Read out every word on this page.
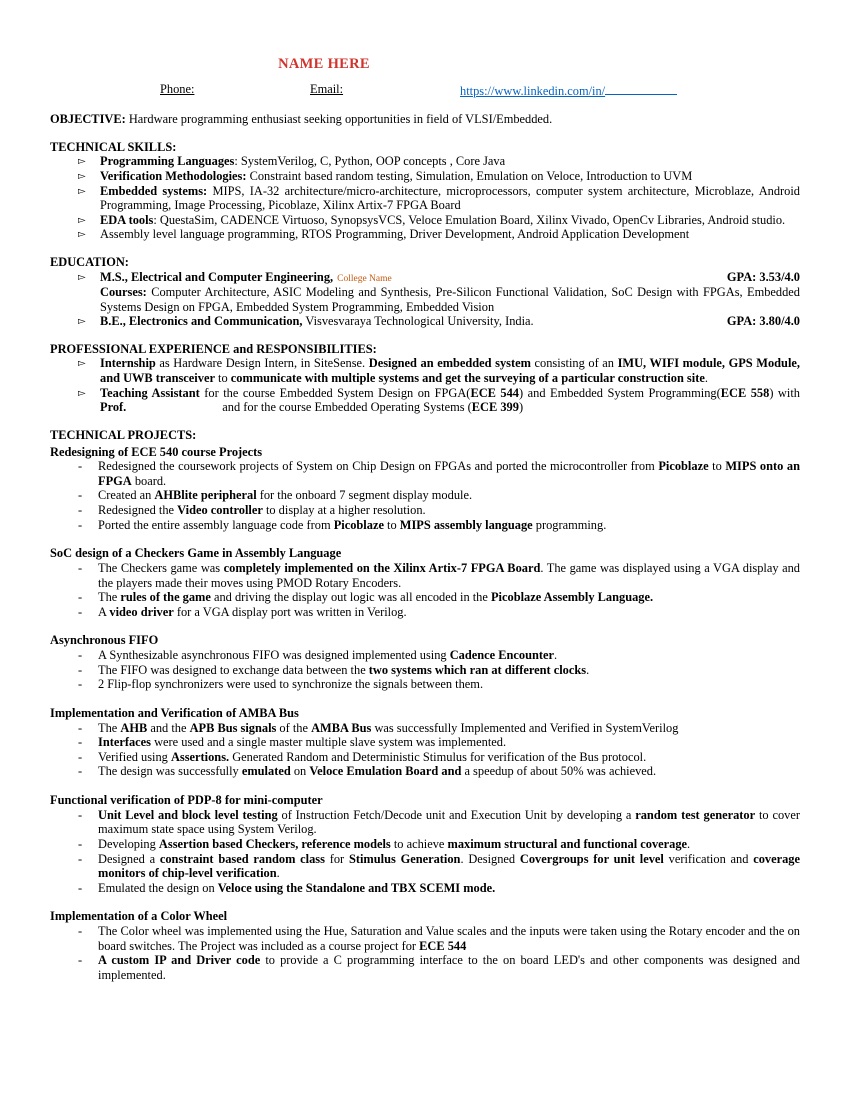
NAME HERE
Phone:	Email:	https://www.linkedin.com/in/
OBJECTIVE: Hardware programming enthusiast seeking opportunities in field of VLSI/Embedded.
TECHNICAL SKILLS:
▻	Programming Languages: SystemVerilog, C, Python, OOP concepts , Core Java
▻	Verification Methodologies: Constraint based random testing, Simulation, Emulation on Veloce, Introduction to UVM
▻	Embedded systems: MIPS, IA-32 architecture/micro-architecture, microprocessors, computer system architecture, Microblaze, Android Programming, Image Processing, Picoblaze, Xilinx Artix-7 FPGA Board
▻	EDA tools: QuestaSim, CADENCE Virtuoso, SynopsysVCS, Veloce Emulation Board, Xilinx Vivado, OpenCv Libraries, Android studio.
▻	Assembly level language programming, RTOS Programming, Driver Development, Android Application Development
EDUCATION:
▻	M.S., Electrical and Computer Engineering, College Name	GPA: 3.53/4.0
Courses: Computer Architecture, ASIC Modeling and Synthesis, Pre-Silicon Functional Validation, SoC Design with FPGAs, Embedded Systems Design on FPGA, Embedded System Programming, Embedded Vision
▻	B.E., Electronics and Communication, Visvesvaraya Technological University, India.	GPA: 3.80/4.0
PROFESSIONAL EXPERIENCE and RESPONSIBILITIES:
▻	Internship as Hardware Design Intern, in SiteSense. Designed an embedded system consisting of an IMU, WIFI module, GPS Module, and UWB transceiver to communicate with multiple systems and get the surveying of a particular construction site.
▻	Teaching Assistant for the course Embedded System Design on FPGA(ECE 544) and Embedded System Programming(ECE 558) with Prof.                               and for the course Embedded Operating Systems (ECE 399)
TECHNICAL PROJECTS:
Redesigning of ECE 540 course Projects
-	Redesigned the coursework projects of System on Chip Design on FPGAs and ported the microcontroller from Picoblaze to MIPS onto an FPGA board.
-	Created an AHBlite peripheral for the onboard 7 segment display module.
-	Redesigned the Video controller to display at a higher resolution.
-	Ported the entire assembly language code from Picoblaze to MIPS assembly language programming.
SoC design of a Checkers Game in Assembly Language
-	The Checkers game was completely implemented on the Xilinx Artix-7 FPGA Board. The game was displayed using a VGA display and the players made their moves using PMOD Rotary Encoders.
-	The rules of the game and driving the display out logic was all encoded in the Picoblaze Assembly Language.
-	A video driver for a VGA display port was written in Verilog.
Asynchronous FIFO
-	A Synthesizable asynchronous FIFO was designed implemented using Cadence Encounter.
-	The FIFO was designed to exchange data between the two systems which ran at different clocks.
-	2 Flip-flop synchronizers were used to synchronize the signals between them.
Implementation and Verification of AMBA Bus
-	The AHB and the APB Bus signals of the AMBA Bus was successfully Implemented and Verified in SystemVerilog
-	Interfaces were used and a single master multiple slave system was implemented.
-	Verified using Assertions. Generated Random and Deterministic Stimulus for verification of the Bus protocol.
-	The design was successfully emulated on Veloce Emulation Board and a speedup of about 50% was achieved.
Functional verification of PDP-8 for mini-computer
-	Unit Level and block level testing of Instruction Fetch/Decode unit and Execution Unit by developing a random test generator to cover maximum state space using System Verilog.
-	Developing Assertion based Checkers, reference models to achieve maximum structural and functional coverage.
-	Designed a constraint based random class for Stimulus Generation. Designed Covergroups for unit level verification and coverage monitors of chip-level verification.
-	Emulated the design on Veloce using the Standalone and TBX SCEMI mode.
Implementation of a Color Wheel
-	The Color wheel was implemented using the Hue, Saturation and Value scales and the inputs were taken using the Rotary encoder and the on board switches. The Project was included as a course project for ECE 544
-	A custom IP and Driver code to provide a C programming interface to the on board LED's and other components was designed and implemented.
